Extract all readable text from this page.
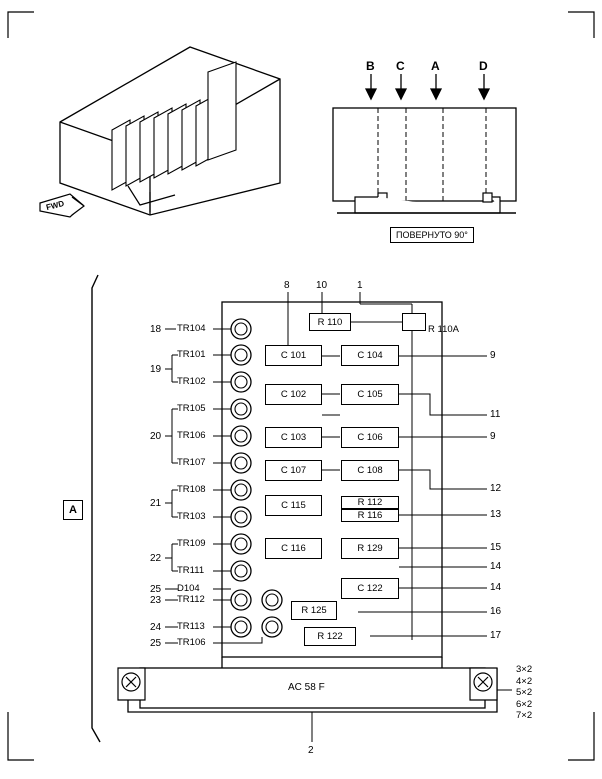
B C A	D
ПОВЕРНУТО 90°
FWD
A
8	10	1
18
19
20
21
22
25
23
24
25
9
11
9
12
13
15
14
14
16
17
2
TR104
TR101
TR102
TR105
TR106
TR107
TR108
TR103
TR109
TR111
D104
TR112
TR113
TR106
R 110
R 110A
C 101
C 102
C 103
C 107
C 115
C 116
C 104
C 105
C 106
C 108
C 122
R 112
R 116
R 129
R 125
R 122
AC 58 F
3×2
4×2
5×2
6×2
7×2
